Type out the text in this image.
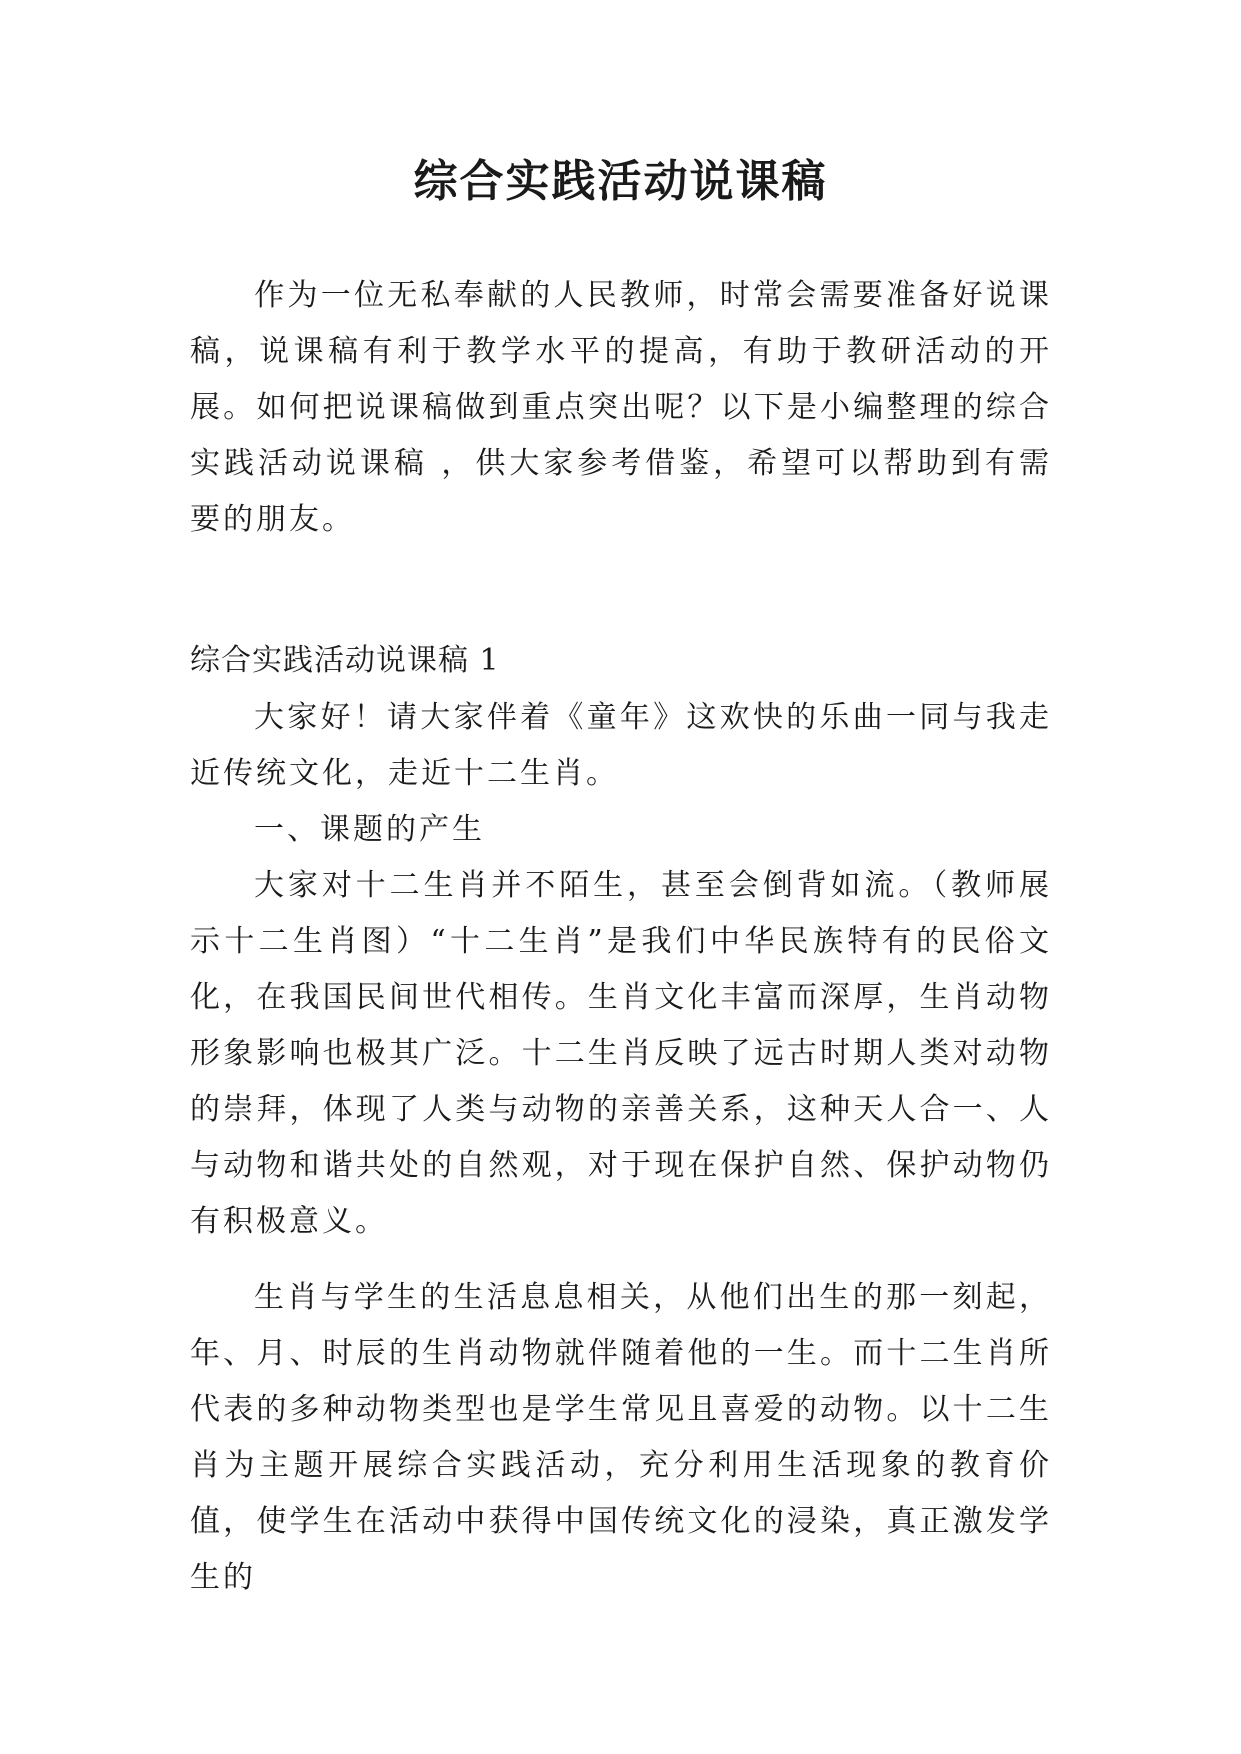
综合实践活动说课稿
作为一位无私奉献的人民教师，时常会需要准备好说课稿，说课稿有利于教学水平的提高，有助于教研活动的开展。如何把说课稿做到重点突出呢？以下是小编整理的综合实践活动说课稿 ，供大家参考借鉴，希望可以帮助到有需要的朋友。
综合实践活动说课稿 1

大家好！请大家伴着《童年》这欢快的乐曲一同与我走近传统文化，走近十二生肖。

一、课题的产生

大家对十二生肖并不陌生，甚至会倒背如流。（教师展示十二生肖图）“十二生肖”是我们中华民族特有的民俗文化，在我国民间世代相传。生肖文化丰富而深厚，生肖动物形象影响也极其广泛。十二生肖反映了远古时期人类对动物的崇拜，体现了人类与动物的亲善关系，这种天人合一、人与动物和谐共处的自然观，对于现在保护自然、保护动物仍有积极意义。

生肖与学生的生活息息相关，从他们出生的那一刻起，年、月、时辰的生肖动物就伴随着他的一生。而十二生肖所代表的多种动物类型也是学生常见且喜爱的动物。以十二生肖为主题开展综合实践活动，充分利用生活现象的教育价值，使学生在活动中获得中国传统文化的浸染，真正激发学生的
